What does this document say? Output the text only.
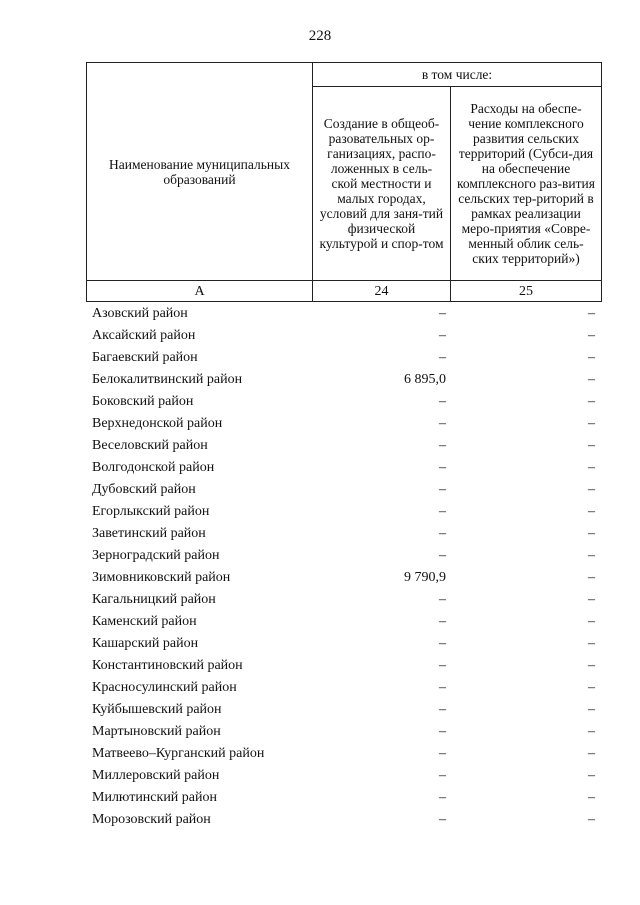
228
Наименование муниципальных образований	в том числе:	

	Создание в общеоб-разовательных ор-ганизациях, распо-ложенных в сель-ской местности и малых городах, условий для заня-тий физической культурой и спор-том	Расходы на обеспе-чение комплексного развития сельских территорий (Субси-дия на обеспечение комплексного раз-вития сельских тер-риторий в рамках реализации меро-приятия «Совре-менный облик сель-ских территорий»)

А	24	25
Азовский район	–	–
Аксайский район	–	–
Багаевский район	–	–
Белокалитвинский район	6 895,0	–
Боковский район	–	–
Верхнедонской район	–	–
Веселовский район	–	–
Волгодонской район	–	–
Дубовский район	–	–
Егорлыкский район	–	–
Заветинский район	–	–
Зерноградский район	–	–
Зимовниковский район	9 790,9	–
Кагальницкий район	–	–
Каменский район	–	–
Кашарский район	–	–
Константиновский район	–	–
Красносулинский район	–	–
Куйбышевский район	–	–
Мартыновский район	–	–
Матвеево–Курганский район	–	–
Миллеровский район	–	–
Милютинский район	–	–
Морозовский район	–	–
